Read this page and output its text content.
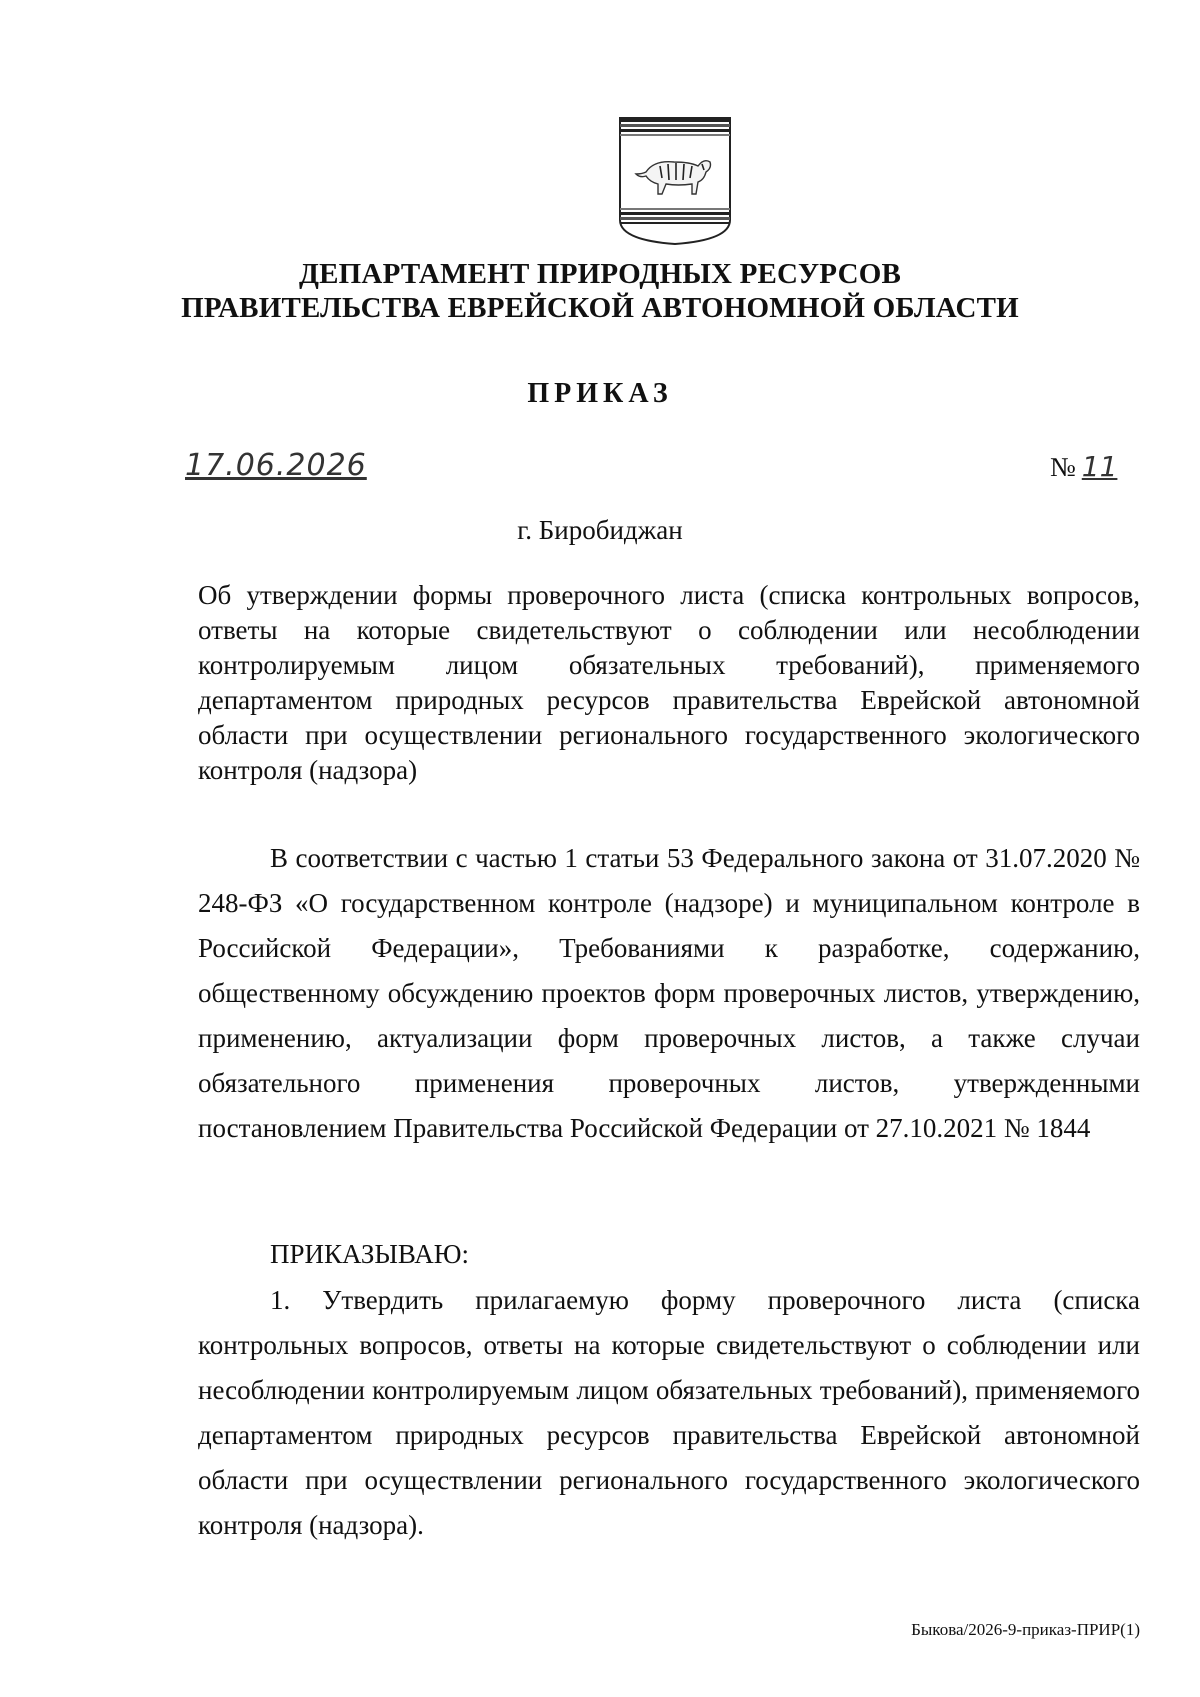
ДЕПАРТАМЕНТ ПРИРОДНЫХ РЕСУРСОВ
ПРАВИТЕЛЬСТВА ЕВРЕЙСКОЙ АВТОНОМНОЙ ОБЛАСТИ
ПРИКАЗ
17.06.2026	№ 11
г. Биробиджан
Об утверждении формы проверочного листа (списка контрольных вопросов, ответы на которые свидетельствуют о соблюдении или несоблюдении контролируемым лицом обязательных требований), применяемого департаментом природных ресурсов правительства Еврейской автономной области при осуществлении регионального государственного экологического контроля (надзора)

В соответствии с частью 1 статьи 53 Федерального закона от 31.07.2020 № 248-ФЗ «О государственном контроле (надзоре) и муниципальном контроле в Российской Федерации», Требованиями к разработке, содержанию, общественному обсуждению проектов форм проверочных листов, утверждению, применению, актуализации форм проверочных листов, а также случаи обязательного применения проверочных листов, утвержденными постановлением Правительства Российской Федерации от 27.10.2021 № 1844

ПРИКАЗЫВАЮ:

1. Утвердить прилагаемую форму проверочного листа (списка контрольных вопросов, ответы на которые свидетельствуют о соблюдении или несоблюдении контролируемым лицом обязательных требований), применяемого департаментом природных ресурсов правительства Еврейской автономной области при осуществлении регионального государственного экологического контроля (надзора).

Быкова/2026-9-приказ-ПРИР(1)
